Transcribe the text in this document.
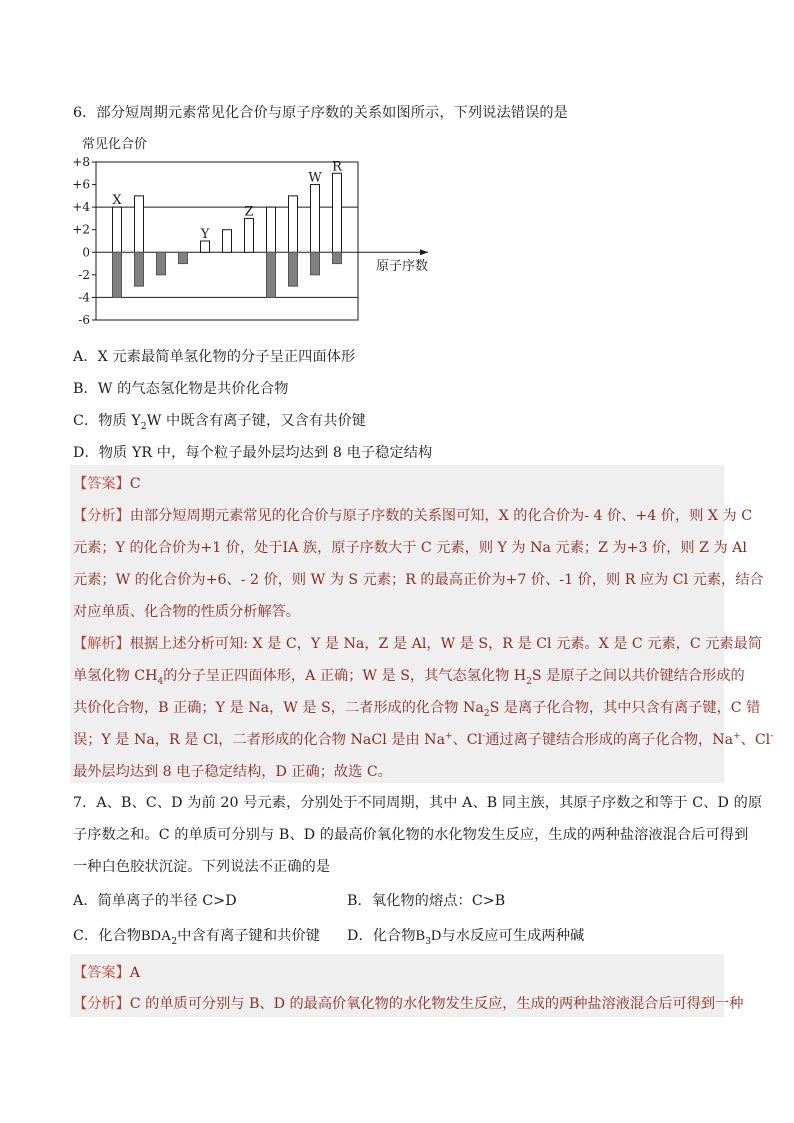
6．部分短周期元素常见化合价与原子序数的关系如图所示，下列说法错误的是
常见化合价
+8
+6
+4
+2
0
-2
-4
-6
X
Y
Z
W
R
原子序数
A．X 元素最简单氢化物的分子呈正四面体形
B．W 的气态氢化物是共价化合物
C．物质 $Y_2W$ 中既含有离子键，又含有共价键
D．物质 YR 中，每个粒子最外层均达到 8 电子稳定结构
【答案】C
【分析】由部分短周期元素常见的化合价与原子序数的关系图可知，X 的化合价为- 4 价、+4 价，则 X 为 C
元素；Y 的化合价为+1 价，处于ⅠA 族，原子序数大于 C 元素，则 Y 为 Na 元素；Z 为+3 价，则 Z 为 Al
元素；W 的化合价为+6、- 2 价，则 W 为 S 元素；R 的最高正价为+7 价、-1 价，则 R 应为 Cl 元素，结合
对应单质、化合物的性质分析解答。
【解析】根据上述分析可知: X 是 C，Y 是 Na，Z 是 Al，W 是 S，R 是 Cl 元素。X 是 C 元素，C 元素最简
单氢化物 $CH_4$的分子呈正四面体形，A 正确；W 是 S，其气态氢化物 $H_2S$ 是原子之间以共价键结合形成的
共价化合物，B 正确；Y 是 Na，W 是 S，二者形成的化合物 $Na_2S$ 是离子化合物，其中只含有离子键，C 错
误；Y 是 Na，R 是 Cl，二者形成的化合物 NaCl 是由 Na+、Cl-通过离子键结合形成的离子化合物，Na+、Cl-
最外层均达到 8 电子稳定结构，D 正确；故选 C。
7．A、B、C、D 为前 20 号元素，分别处于不同周期，其中 A、B 同主族，其原子序数之和等于 C、D 的原
子序数之和。C 的单质可分别与 B、D 的最高价氧化物的水化物发生反应，生成的两种盐溶液混合后可得到
一种白色胶状沉淀。下列说法不正确的是
A．简单离子的半径 C>D	B．氧化物的熔点：C>B
C．化合物$BDA_2$中含有离子键和共价键 D．化合物$B_3D$与水反应可生成两种碱
【答案】A
【分析】C 的单质可分别与 B、D 的最高价氧化物的水化物发生反应，生成的两种盐溶液混合后可得到一种
